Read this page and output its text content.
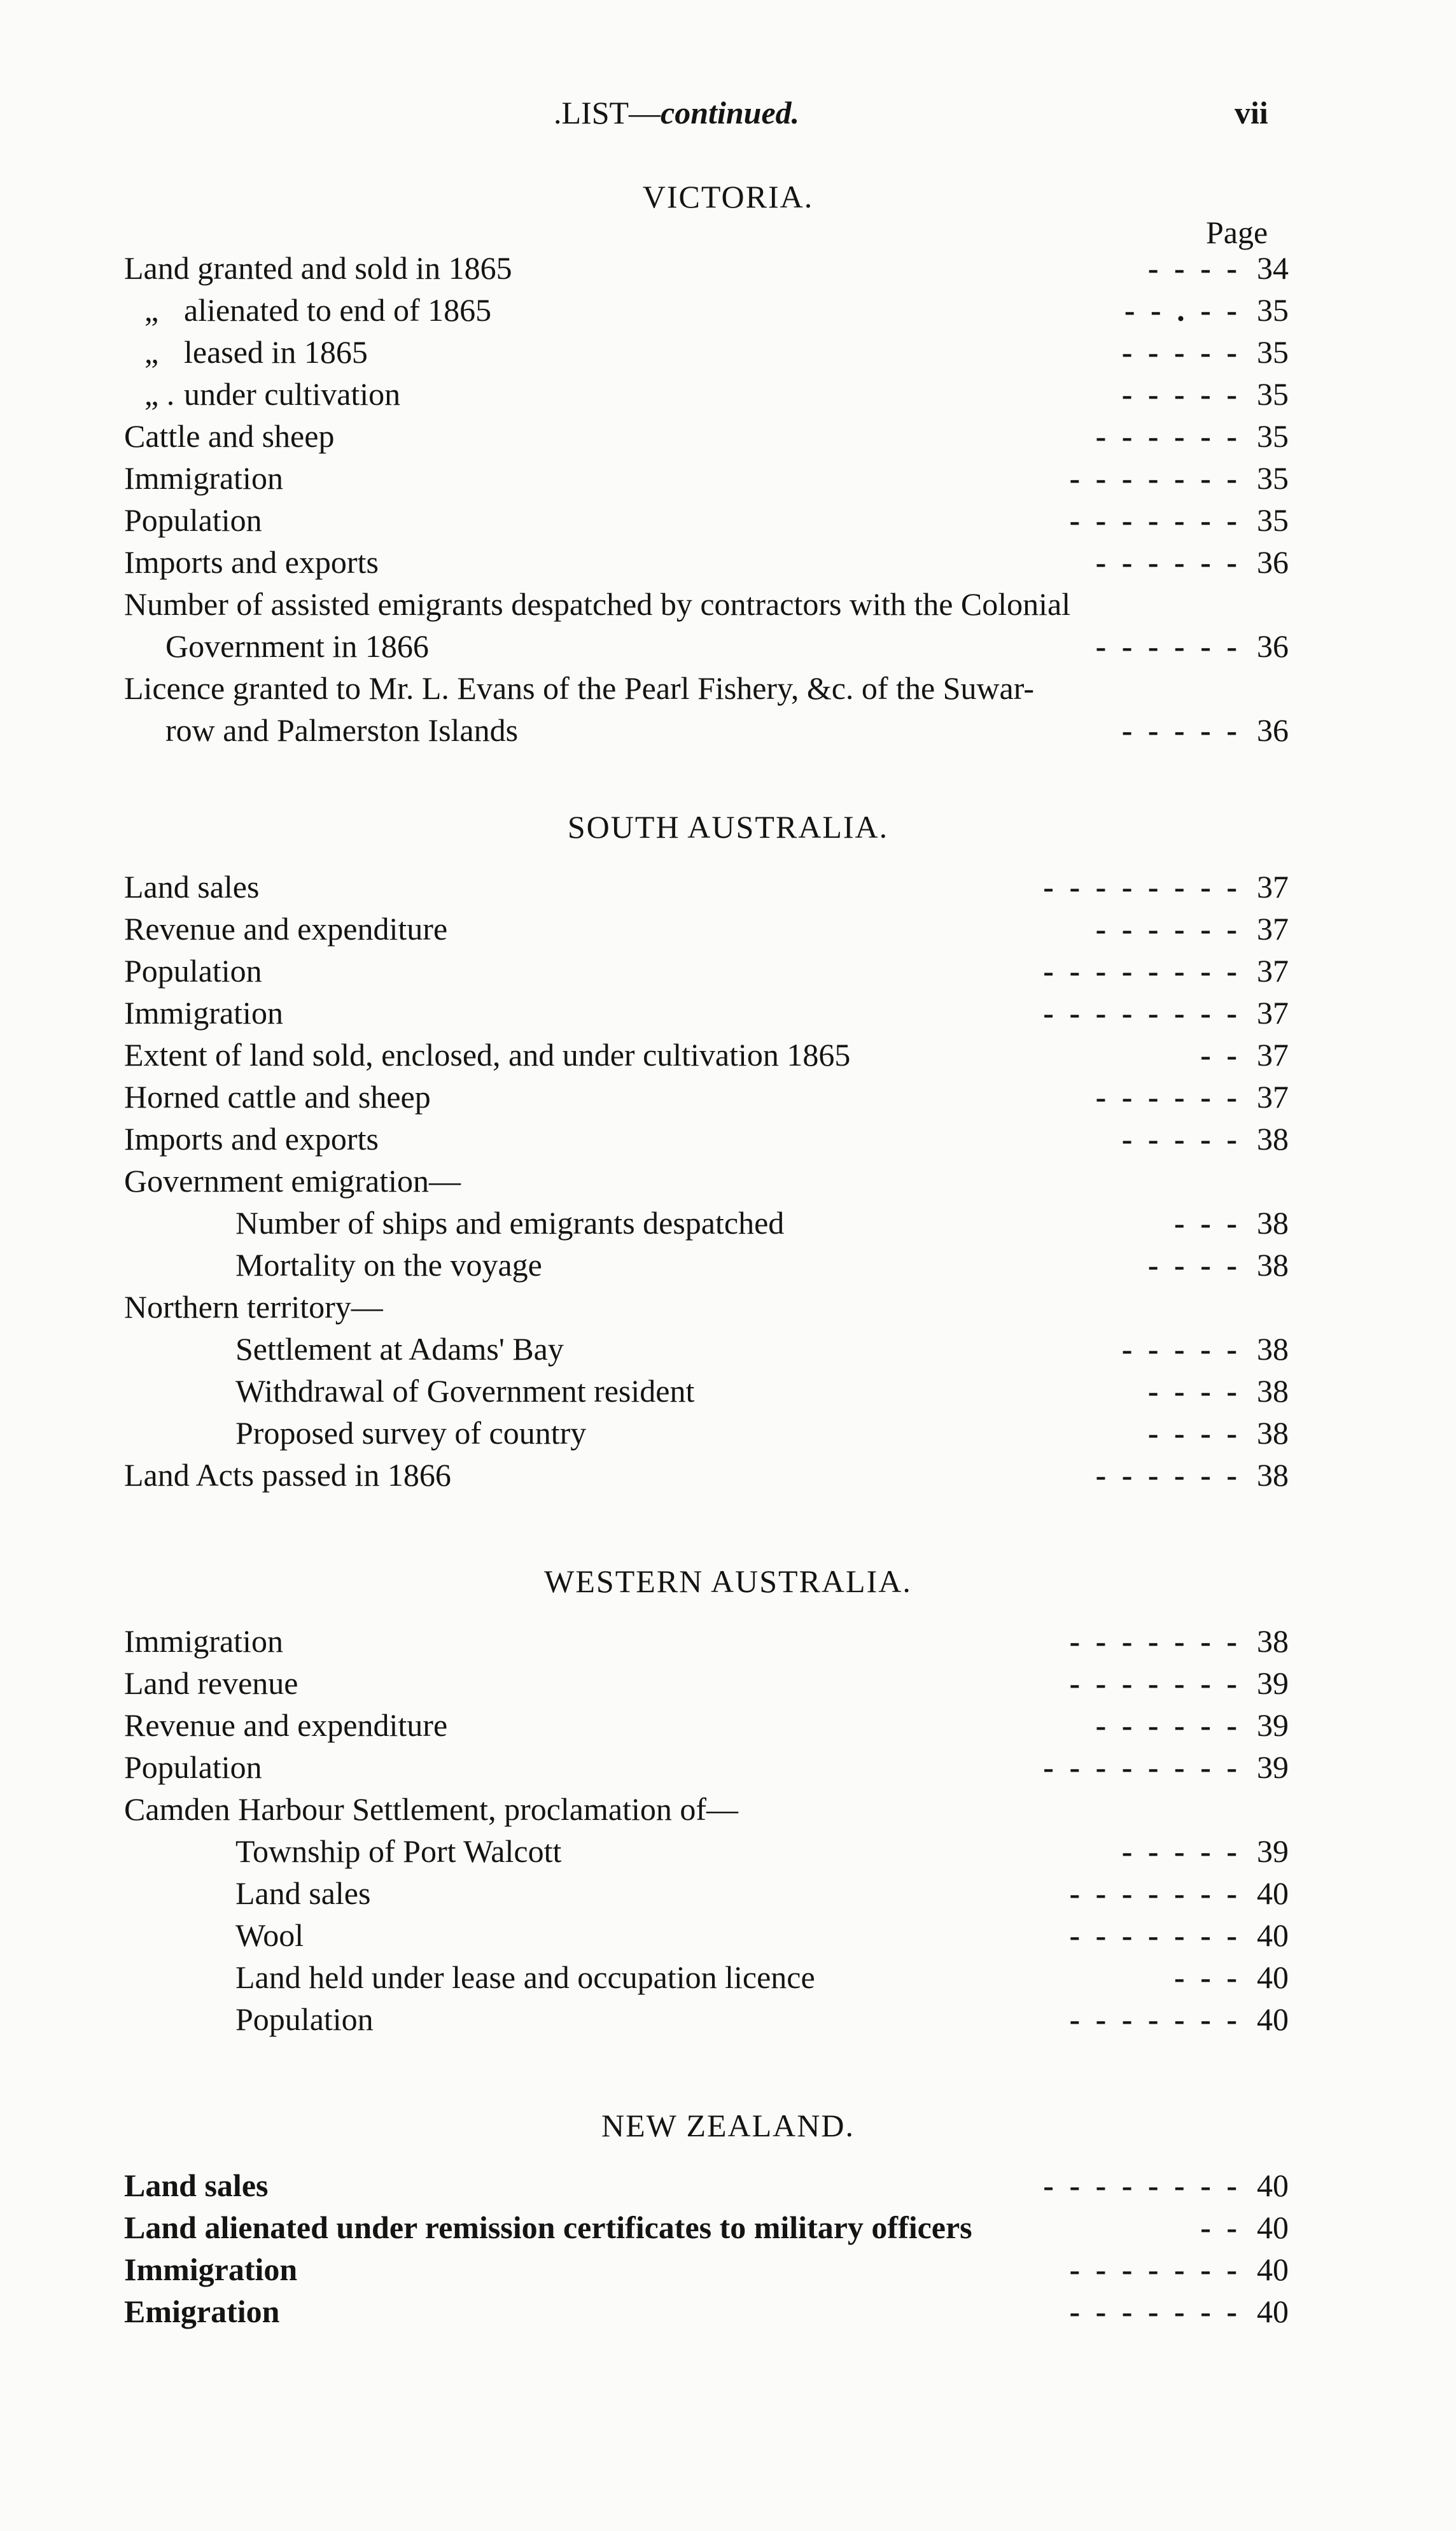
.LIST—continued.	vii
VICTORIA.
Page
Land granted and sold in 1865	- - - - 34
„ alienated to end of 1865	- - . - - 35
„ leased in 1865	- - - - - 35
„ . under cultivation	- - - - - 35
Cattle and sheep	- - - - - - 35
Immigration	- - - - - - - 35
Population	- - - - - - - 35
Imports and exports	- - - - - - 36
Number of assisted emigrants despatched by contractors with the Colonial
Government in 1866	- - - - - - 36
Licence granted to Mr. L. Evans of the Pearl Fishery, &c. of the Suwar-
row and Palmerston Islands	- - - - - 36
SOUTH AUSTRALIA.
Land sales	- - - - - - - - 37
Revenue and expenditure	- - - - - - 37
Population	- - - - - - - - 37
Immigration	- - - - - - - - 37
Extent of land sold, enclosed, and under cultivation 1865	- - 37
Horned cattle and sheep	- - - - - - 37
Imports and exports	- - - - - 38
Government emigration—
Number of ships and emigrants despatched	- - - 38
Mortality on the voyage	- - - - 38
Northern territory—
Settlement at Adams' Bay	- - - - - 38
Withdrawal of Government resident	- - - - 38
Proposed survey of country	- - - - 38
Land Acts passed in 1866	- - - - - - 38
WESTERN AUSTRALIA.
Immigration	- - - - - - - 38
Land revenue	- - - - - - - 39
Revenue and expenditure	- - - - - - 39
Population	- - - - - - - - 39
Camden Harbour Settlement, proclamation of—
Township of Port Walcott	- - - - - 39
Land sales	- - - - - - - 40
Wool	- - - - - - - 40
Land held under lease and occupation licence	- - - 40
Population	- - - - - - - 40
NEW ZEALAND.
Land sales	- - - - - - - - 40
Land alienated under remission certificates to military officers	- - 40
Immigration	- - - - - - - 40
Emigration	- - - - - - - 40
